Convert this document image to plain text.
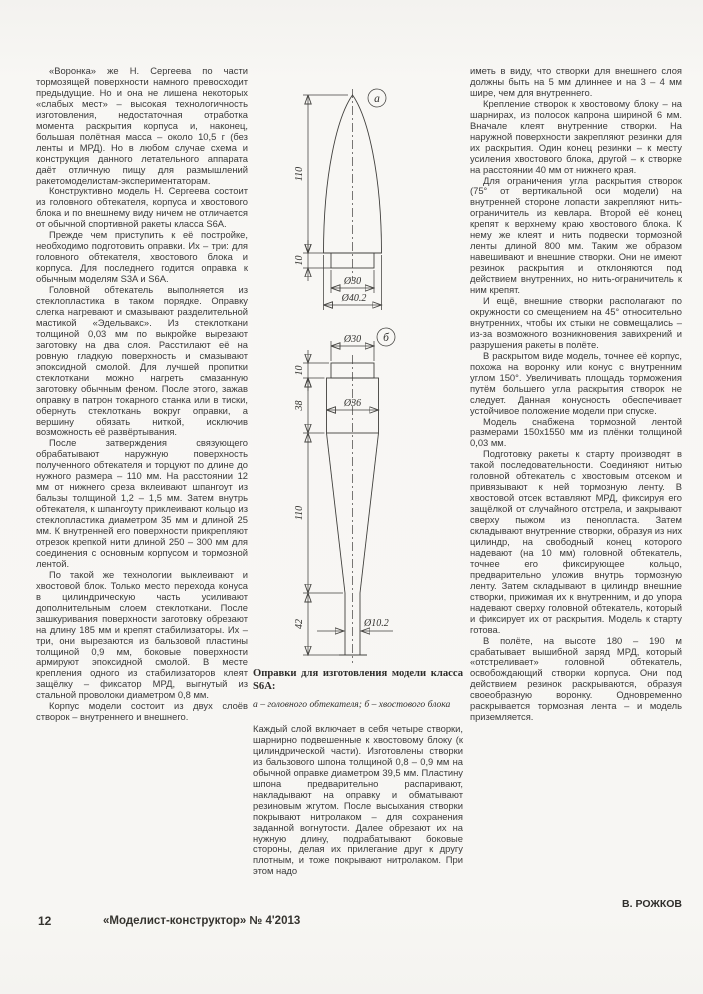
«Воронка» же Н. Сергеева по части тормозящей поверхности намного превосходит предыдущие. Но и она не лишена некоторых «слабых мест» – высокая технологичность изготовления, недостаточная отработка момента раскрытия корпуса и, наконец, большая полётная масса – около 10,5 г (без ленты и МРД). Но в любом случае схема и конструкция данного летательного аппарата даёт отличную пищу для размышлений ракетомоделистам-экспериментаторам.

Конструктивно модель Н. Сергеева состоит из головного обтекателя, корпуса и хвостового блока и по внешнему виду ничем не отличается от обычной спортивной ракеты класса S6A.

Прежде чем приступить к её постройке, необходимо подготовить оправки. Их – три: для головного обтекателя, хвостового блока и корпуса. Для последнего годится оправка к обычным моделям S3A и S6A.

Головной обтекатель выполняется из стеклопластика в таком порядке. Оправку слегка нагревают и смазывают разделительной мастикой «Эдельвакс». Из стеклоткани толщиной 0,03 мм по выкройке вырезают заготовку на два слоя. Расстилают её на ровную гладкую поверхность и смазывают эпоксидной смолой. Для лучшей пропитки стеклоткани можно нагреть смазанную заготовку обычным феном. После этого, зажав оправку в патрон токарного станка или в тиски, обернуть стеклоткань вокруг оправки, а вершину обязать ниткой, исключив возможность её развёртывания.

После затверждения связующего обрабатывают наружную поверхность полученного обтекателя и торцуют по длине до нужного размера – 110 мм. На расстоянии 12 мм от нижнего среза вклеивают шпангоут из бальзы толщиной 1,2 – 1,5 мм. Затем внутрь обтекателя, к шпангоуту приклеивают кольцо из стеклопластика диаметром 35 мм и длиной 25 мм. К внутренней его поверхности прикрепляют отрезок крепкой нити длиной 250 – 300 мм для соединения с основным корпусом и тормозной лентой.

По такой же технологии выклеивают и хвостовой блок. Только место перехода конуса в цилиндрическую часть усиливают дополнительным слоем стеклоткани. После зашкуривания поверхности заготовку обрезают на длину 185 мм и крепят стабилизаторы. Их – три, они вырезаются из бальзовой пластины толщиной 0,9 мм, боковые поверхности армируют эпоксидной смолой. В месте крепления одного из стабилизаторов клеят защёлку – фиксатор МРД, выгнутый из стальной проволоки диаметром 0,8 мм.

Корпус модели состоит из двух слоёв створок – внутреннего и внешнего.

110
10
Ø30
Ø40.2
а
Ø30
Ø36
Ø10.2
10
38
110
42
б

Оправки для изготовления модели класса S6A:

а – головного обтекателя; б – хвостового блока

Каждый слой включает в себя четыре створки, шарнирно подвешенные к хвостовому блоку (к цилиндрической части). Изготовлены створки из бальзового шпона толщиной 0,8 – 0,9 мм на обычной оправке диаметром 39,5 мм. Пластину шпона предварительно распаривают, накладывают на оправку и обматывают резиновым жгутом. После высыхания створки покрывают нитролаком – для сохранения заданной вогнутости. Далее обрезают их на нужную длину, подрабатывают боковые стороны, делая их прилегание друг к другу плотным, и тоже покрывают нитролаком. При этом надо

иметь в виду, что створки для внешнего слоя должны быть на 5 мм длиннее и на 3 – 4 мм шире, чем для внутреннего.

Крепление створок к хвостовому блоку – на шарнирах, из полосок капрона шириной 6 мм. Вначале клеят внутренние створки. На наружной поверхности закрепляют резинки для их раскрытия. Один конец резинки – к месту усиления хвостового блока, другой – к створке на расстоянии 40 мм от нижнего края.

Для ограничения угла раскрытия створок (75° от вертикальной оси модели) на внутренней стороне лопасти закрепляют нить-ограничитель из кевлара. Второй её конец крепят к верхнему краю хвостового блока. К нему же клеят и нить подвески тормозной ленты длиной 800 мм. Таким же образом навешивают и внешние створки. Они не имеют резинок раскрытия и отклоняются под действием внутренних, но нить-ограничитель к ним крепят.

И ещё, внешние створки располагают по окружности со смещением на 45° относительно внутренних, чтобы их стыки не совмещались – из-за возможного возникновения завихрений и разрушения ракеты в полёте.

В раскрытом виде модель, точнее её корпус, похожа на воронку или конус с внутренним углом 150°. Увеличивать площадь торможения путём большего угла раскрытия створок не следует. Данная конусность обеспечивает устойчивое положение модели при спуске.

Модель снабжена тормозной лентой размерами 150х1550 мм из плёнки толщиной 0,03 мм.

Подготовку ракеты к старту производят в такой последовательности. Соединяют нитью головной обтекатель с хвостовым отсеком и привязывают к ней тормозную ленту. В хвостовой отсек вставляют МРД, фиксируя его защёлкой от случайного отстрела, и закрывают сверху пыжом из пенопласта. Затем складывают внутренние створки, образуя из них цилиндр, на свободный конец которого надевают (на 10 мм) головной обтекатель, точнее его фиксирующее кольцо, предварительно уложив внутрь тормозную ленту. Затем складывают в цилиндр внешние створки, прижимая их к внутренним, и до упора надевают сверху головной обтекатель, который и фиксирует их от раскрытия. Модель к старту готова.

В полёте, на высоте 180 – 190 м срабатывает вышибной заряд МРД, который «отстреливает» головной обтекатель, освобождающий створки корпуса. Они под действием резинок раскрываются, образуя своеобразную воронку. Одновременно раскрывается тормозная лента – и модель приземляется.

В. РОЖКОВ
12	«Моделист-конструктор» № 4'2013
